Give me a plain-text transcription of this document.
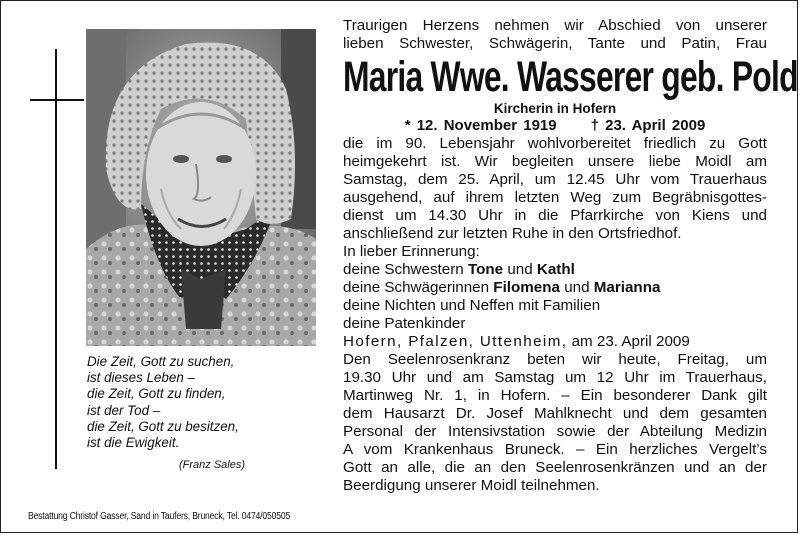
Die Zeit, Gott zu suchen,
ist dieses Leben –
die Zeit, Gott zu finden,
ist der Tod –
die Zeit, Gott zu besitzen,
ist die Ewigkeit.
(Franz Sales)
Bestattung Christof Gasser, Sand in Taufers, Bruneck, Tel. 0474/050505

Traurigen Herzens nehmen wir Abschied von unserer

lieben Schwester, Schwägerin, Tante und Patin, Frau

Maria Wwe. Wasserer geb. Pold
Kircherin in Hofern
* 12. November 1919 † 23. April 2009

die im 90. Lebensjahr wohlvorbereitet friedlich zu Gott

heimgekehrt ist. Wir begleiten unsere liebe Moidl am

Samstag, dem 25. April, um 12.45 Uhr vom Trauerhaus

ausgehend, auf ihrem letzten Weg zum Begräbnisgottes-

dienst um 14.30 Uhr in die Pfarrkirche von Kiens und

anschließend zur letzten Ruhe in den Ortsfriedhof.

In lieber Erinnerung:

deine Schwestern Tone und Kathl

deine Schwägerinnen Filomena und Marianna

deine Nichten und Neffen mit Familien

deine Patenkinder

Hofern, Pfalzen, Uttenheim, am 23. April 2009

Den Seelenrosenkranz beten wir heute, Freitag, um

19.30 Uhr und am Samstag um 12 Uhr im Trauerhaus,

Martinweg Nr. 1, in Hofern. – Ein besonderer Dank gilt

dem Hausarzt Dr. Josef Mahlknecht und dem gesamten

Personal der Intensivstation sowie der Abteilung Medizin

A vom Krankenhaus Bruneck. – Ein herzliches Vergelt’s

Gott an alle, die an den Seelenrosenkränzen und an der

Beerdigung unserer Moidl teilnehmen.
